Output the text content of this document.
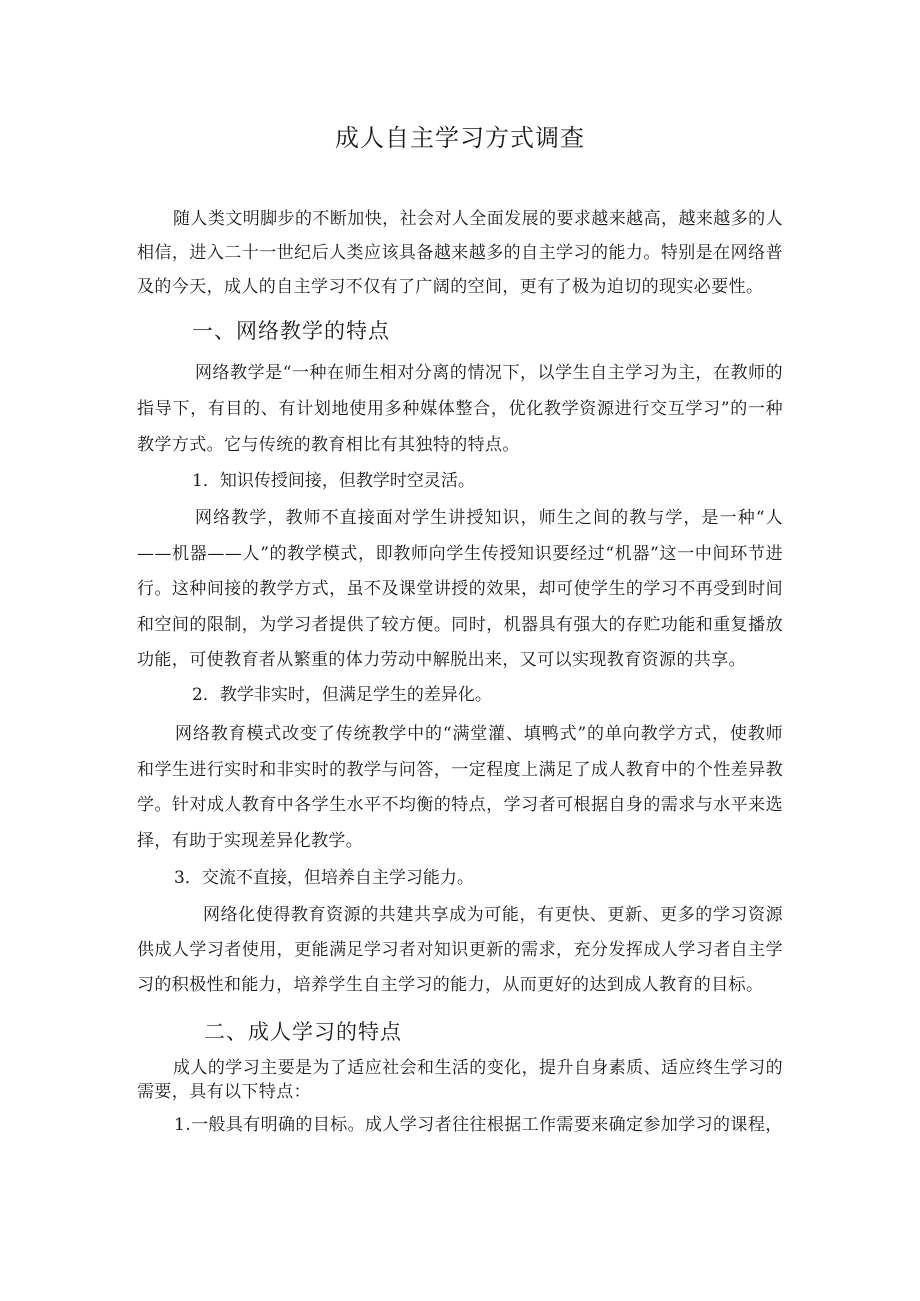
成人自主学习方式调查

随人类文明脚步的不断加快，社会对人全面发展的要求越来越高，越来越多的人相信，进入二十一世纪后人类应该具备越来越多的自主学习的能力。特别是在网络普及的今天，成人的自主学习不仅有了广阔的空间，更有了极为迫切的现实必要性。

一、网络教学的特点

网络教学是“一种在师生相对分离的情况下，以学生自主学习为主，在教师的指导下，有目的、有计划地使用多种媒体整合，优化教学资源进行交互学习”的一种教学方式。它与传统的教育相比有其独特的特点。

1．知识传授间接，但教学时空灵活。

网络教学，教师不直接面对学生讲授知识，师生之间的教与学，是一种“人——机器——人”的教学模式，即教师向学生传授知识要经过“机器”这一中间环节进行。这种间接的教学方式，虽不及课堂讲授的效果，却可使学生的学习不再受到时间和空间的限制，为学习者提供了较方便。同时，机器具有强大的存贮功能和重复播放功能，可使教育者从繁重的体力劳动中解脱出来，又可以实现教育资源的共享。

2．教学非实时，但满足学生的差异化。

网络教育模式改变了传统教学中的“满堂灌、填鸭式”的单向教学方式，使教师和学生进行实时和非实时的教学与问答，一定程度上满足了成人教育中的个性差异教学。针对成人教育中各学生水平不均衡的特点，学习者可根据自身的需求与水平来选择，有助于实现差异化教学。

3．交流不直接，但培养自主学习能力。

网络化使得教育资源的共建共享成为可能，有更快、更新、更多的学习资源供成人学习者使用，更能满足学习者对知识更新的需求，充分发挥成人学习者自主学习的积极性和能力，培养学生自主学习的能力，从而更好的达到成人教育的目标。

二、成人学习的特点

成人的学习主要是为了适应社会和生活的变化，提升自身素质、适应终生学习的需要，具有以下特点：

1.一般具有明确的目标。成人学习者往往根据工作需要来确定参加学习的课程，
